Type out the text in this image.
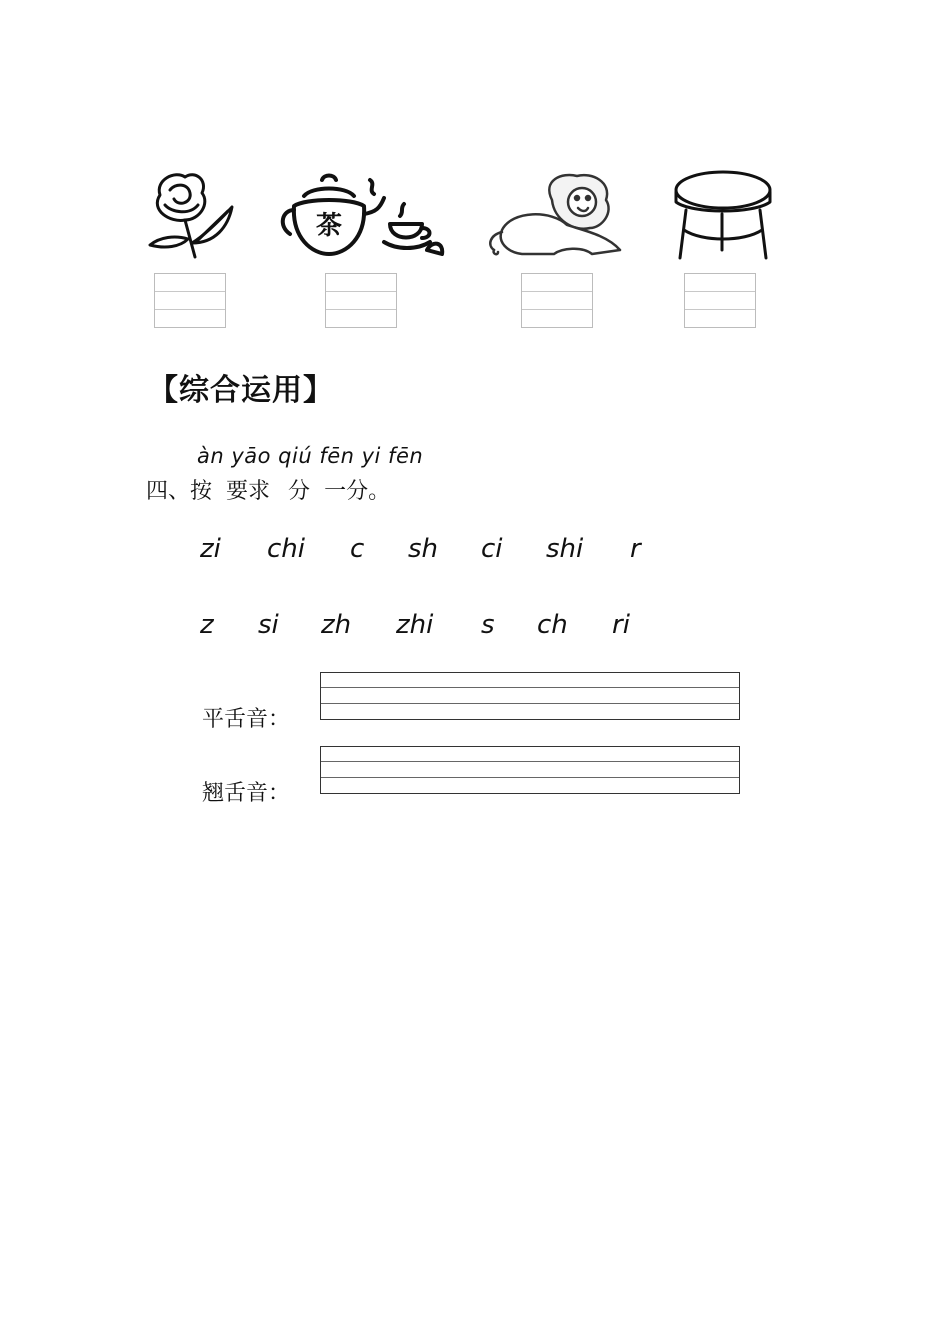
茶
【综合运用】
àn yāo qiú fēn yi fēn
四、按 要求 分 一分。
zi chi c sh ci shi r
z si zh zhi s ch ri
平舌音：
翘舌音：
